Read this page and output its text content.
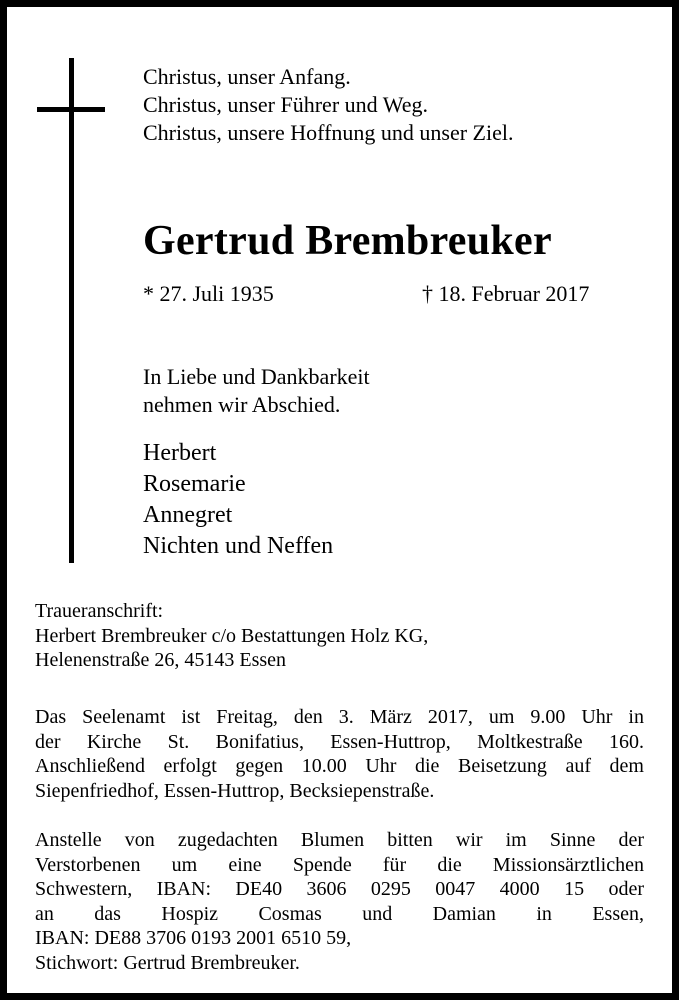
Christus, unser Anfang.
Christus, unser Führer und Weg.
Christus, unsere Hoffnung und unser Ziel.
Gertrud Brembreuker
* 27. Juli 1935	† 18. Februar 2017
In Liebe und Dankbarkeit
nehmen wir Abschied.
Herbert
Rosemarie
Annegret
Nichten und Neffen
Traueranschrift:
Herbert Brembreuker c/o Bestattungen Holz KG,
Helenenstraße 26, 45143 Essen
Das Seelenamt ist Freitag, den 3. März 2017, um 9.00 Uhr in
der Kirche St. Bonifatius, Essen-Huttrop, Moltkestraße 160.
Anschließend erfolgt gegen 10.00 Uhr die Beisetzung auf dem
Siepenfriedhof, Essen-Huttrop, Becksiepenstraße.
Anstelle von zugedachten Blumen bitten wir im Sinne der
Verstorbenen um eine Spende für die Missionsärztlichen
Schwestern, IBAN: DE40 3606 0295 0047 4000 15 oder
an das Hospiz Cosmas und Damian in Essen,
IBAN: DE88 3706 0193 2001 6510 59,
Stichwort: Gertrud Brembreuker.
